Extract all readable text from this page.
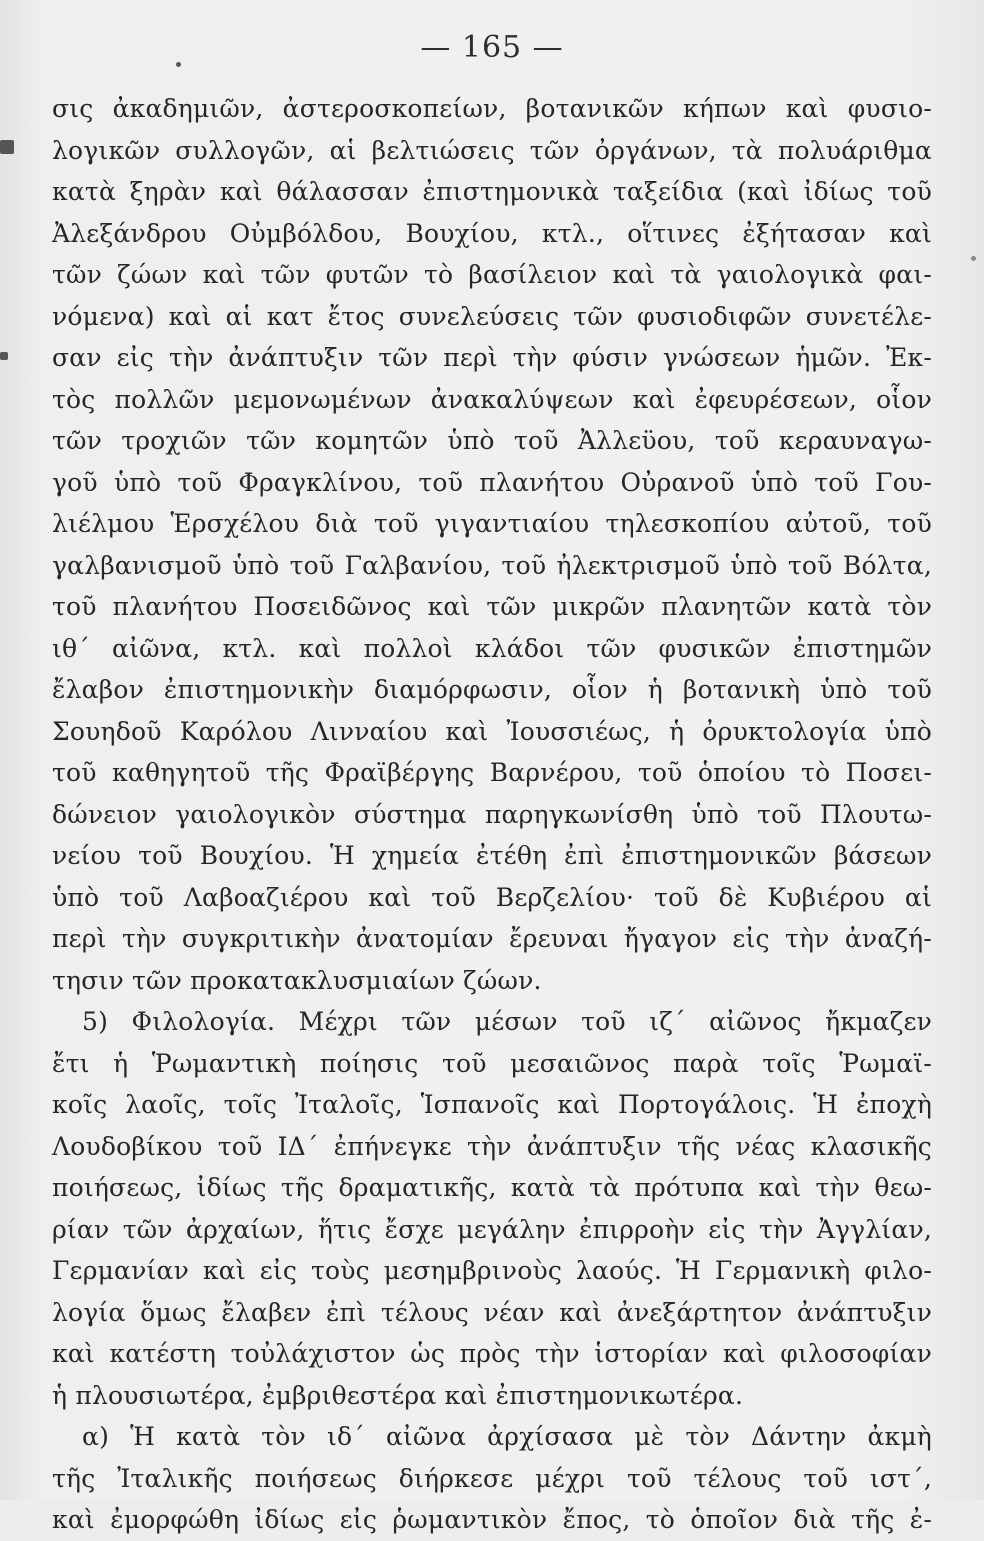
— 165 —
σις ἀκαδημιῶν, ἀστεροσκοπείων, βοτανικῶν κήπων καὶ φυσιο-
λογικῶν συλλογῶν, αἱ βελτιώσεις τῶν ὀργάνων, τὰ πολυάριθμα
κατὰ ξηρὰν καὶ θάλασσαν ἐπιστημονικὰ ταξείδια (καὶ ἰδίως τοῦ
Ἀλεξάνδρου Οὐμβόλδου, Βουχίου, κτλ., οἵτινες ἐξήτασαν καὶ
τῶν ζώων καὶ τῶν φυτῶν τὸ βασίλειον καὶ τὰ γαιολογικὰ φαι-
νόμενα) καὶ αἱ κατ ἔτος συνελεύσεις τῶν φυσιοδιφῶν συνετέλε-
σαν εἰς τὴν ἀνάπτυξιν τῶν περὶ τὴν φύσιν γνώσεων ἡμῶν. Ἐκ-
τὸς πολλῶν μεμονωμένων ἀνακαλύψεων καὶ ἐφευρέσεων, οἷον
τῶν τροχιῶν τῶν κομητῶν ὑπὸ τοῦ Ἀλλεϋου, τοῦ κεραυναγω-
γοῦ ὑπὸ τοῦ Φραγκλίνου, τοῦ πλανήτου Οὐρανοῦ ὑπὸ τοῦ Γου-
λιέλμου Ἑρσχέλου διὰ τοῦ γιγαντιαίου τηλεσκοπίου αὐτοῦ, τοῦ
γαλβανισμοῦ ὑπὸ τοῦ Γαλβανίου, τοῦ ἠλεκτρισμοῦ ὑπὸ τοῦ Βόλτα,
τοῦ πλανήτου Ποσειδῶνος καὶ τῶν μικρῶν πλανητῶν κατὰ τὸν
ιθ΄ αἰῶνα, κτλ. καὶ πολλοὶ κλάδοι τῶν φυσικῶν ἐπιστημῶν
ἔλαβον ἐπιστημονικὴν διαμόρφωσιν, οἷον ἡ βοτανικὴ ὑπὸ τοῦ
Σουηδοῦ Καρόλου Λινναίου καὶ Ἰουσσιέως, ἡ ὀρυκτολογία ὑπὸ
τοῦ καθηγητοῦ τῆς Φραϊβέργης Βαρνέρου, τοῦ ὁποίου τὸ Ποσει-
δώνειον γαιολογικὸν σύστημα παρηγκωνίσθη ὑπὸ τοῦ Πλουτω-
νείου τοῦ Βουχίου. Ἡ χημεία ἐτέθη ἐπὶ ἐπιστημονικῶν βάσεων
ὑπὸ τοῦ Λαβοαζιέρου καὶ τοῦ Βερζελίου· τοῦ δὲ Κυβιέρου αἱ
περὶ τὴν συγκριτικὴν ἀνατομίαν ἔρευναι ἤγαγον εἰς τὴν ἀναζή-
τησιν τῶν προκατακλυσμιαίων ζώων.
5) Φιλολογία. Μέχρι τῶν μέσων τοῦ ιζ΄ αἰῶνος ἤκμαζεν
ἔτι ἡ Ῥωμαντικὴ ποίησις τοῦ μεσαιῶνος παρὰ τοῖς Ῥωμαϊ-
κοῖς λαοῖς, τοῖς Ἰταλοῖς, Ἱσπανοῖς καὶ Πορτογάλοις. Ἡ ἐποχὴ
Λουδοβίκου τοῦ ΙΔ΄ ἐπήνεγκε τὴν ἀνάπτυξιν τῆς νέας κλασικῆς
ποιήσεως, ἰδίως τῆς δραματικῆς, κατὰ τὰ πρότυπα καὶ τὴν θεω-
ρίαν τῶν ἀρχαίων, ἥτις ἔσχε μεγάλην ἐπιρροὴν εἰς τὴν Ἀγγλίαν,
Γερμανίαν καὶ εἰς τοὺς μεσημβρινοὺς λαούς. Ἡ Γερμανικὴ φιλο-
λογία ὅμως ἔλαβεν ἐπὶ τέλους νέαν καὶ ἀνεξάρτητον ἀνάπτυξιν
καὶ κατέστη τοὐλάχιστον ὡς πρὸς τὴν ἱστορίαν καὶ φιλοσοφίαν
ἡ πλουσιωτέρα, ἐμβριθεστέρα καὶ ἐπιστημονικωτέρα.
α) Ἡ κατὰ τὸν ιδ΄ αἰῶνα ἀρχίσασα μὲ τὸν Δάντην ἀκμὴ
τῆς Ἰταλικῆς ποιήσεως διήρκεσε μέχρι τοῦ τέλους τοῦ ιστ΄,
καὶ ἐμορφώθη ἰδίως εἰς ῥωμαντικὸν ἔπος, τὸ ὁποῖον διὰ τῆς ἐ-
